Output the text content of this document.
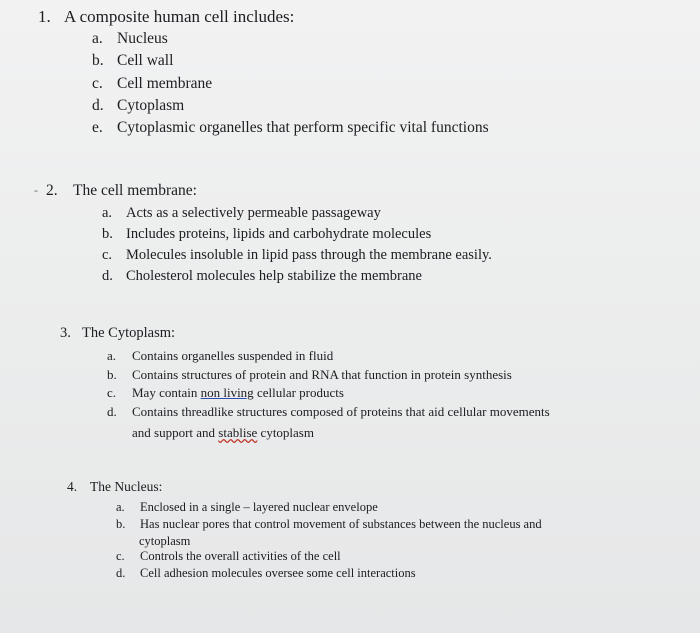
-
1. A composite human cell includes:
a. Nucleus
b. Cell wall
c. Cell membrane
d. Cytoplasm
e. Cytoplasmic organelles that perform specific vital functions
2. The cell membrane:
a. Acts as a selectively permeable passageway
b. Includes proteins, lipids and carbohydrate molecules
c. Molecules insoluble in lipid pass through the membrane easily.
d. Cholesterol molecules help stabilize the membrane
3. The Cytoplasm:
a. Contains organelles suspended in fluid
b. Contains structures of protein and RNA that function in protein synthesis
c. May contain non living cellular products
d. Contains threadlike structures composed of proteins that aid cellular movements
and support and stablise cytoplasm
4. The Nucleus:
a. Enclosed in a single – layered nuclear envelope
b. Has nuclear pores that control movement of substances between the nucleus and
c. Controls the overall activities of the cell
d. Cell adhesion molecules oversee some cell interactions
cytoplasm
